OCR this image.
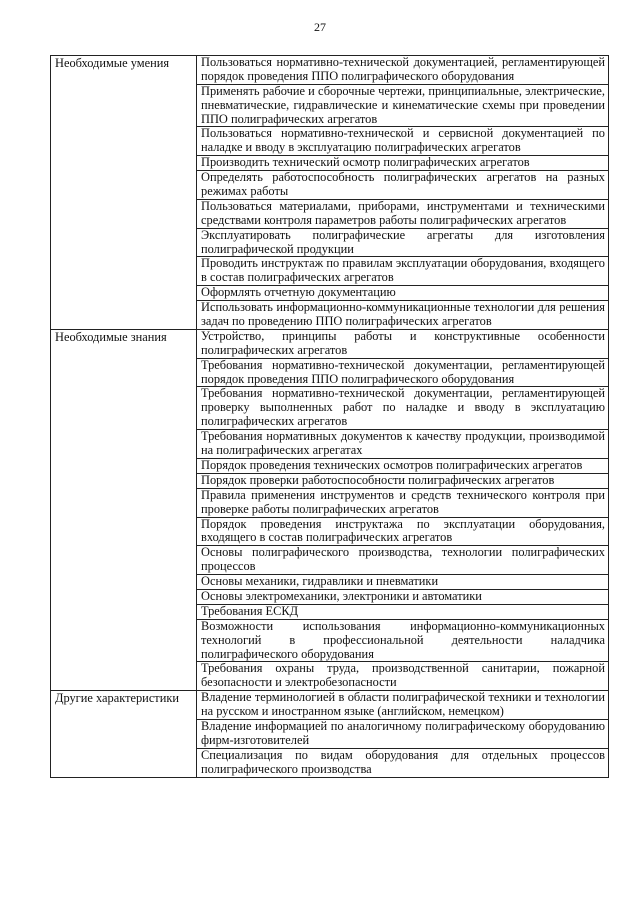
27
Необходимые умения	Пользоваться нормативно-технической документацией, регламентирующей порядок проведения ППО полиграфического оборудования
	Применять рабочие и сборочные чертежи, принципиальные, электрические, пневматические, гидравлические и кинематические схемы при проведении ППО полиграфических агрегатов
	Пользоваться нормативно-технической и сервисной документацией по наладке и вводу в эксплуатацию полиграфических агрегатов
	Производить технический осмотр полиграфических агрегатов
	Определять работоспособность полиграфических агрегатов на разных режимах работы
	Пользоваться материалами, приборами, инструментами и техническими средствами контроля параметров работы полиграфических агрегатов
	Эксплуатировать полиграфические агрегаты для изготовления полиграфической продукции
	Проводить инструктаж по правилам эксплуатации оборудования, входящего в состав полиграфических агрегатов
	Оформлять отчетную документацию
	Использовать информационно-коммуникационные технологии для решения задач по проведению ППО полиграфических агрегатов
Необходимые знания	Устройство, принципы работы и конструктивные особенности полиграфических агрегатов
	Требования нормативно-технической документации, регламентирующей порядок проведения ППО полиграфического оборудования
	Требования нормативно-технической документации, регламентирующей проверку выполненных работ по наладке и вводу в эксплуатацию полиграфических агрегатов
	Требования нормативных документов к качеству продукции, производимой на полиграфических агрегатах
	Порядок проведения технических осмотров полиграфических агрегатов
	Порядок проверки работоспособности полиграфических агрегатов
	Правила применения инструментов и средств технического контроля при проверке работы полиграфических агрегатов
	Порядок проведения инструктажа по эксплуатации оборудования, входящего в состав полиграфических агрегатов
	Основы полиграфического производства, технологии полиграфических процессов
	Основы механики, гидравлики и пневматики
	Основы электромеханики, электроники и автоматики
	Требования ЕСКД
	Возможности использования информационно-коммуникационных технологий в профессиональной деятельности наладчика полиграфического оборудования
	Требования охраны труда, производственной санитарии, пожарной безопасности и электробезопасности
Другие характеристики	Владение терминологией в области полиграфической техники и технологии на русском и иностранном языке (английском, немецком)
	Владение информацией по аналогичному полиграфическому оборудованию фирм-изготовителей
	Специализация по видам оборудования для отдельных процессов полиграфического производства
